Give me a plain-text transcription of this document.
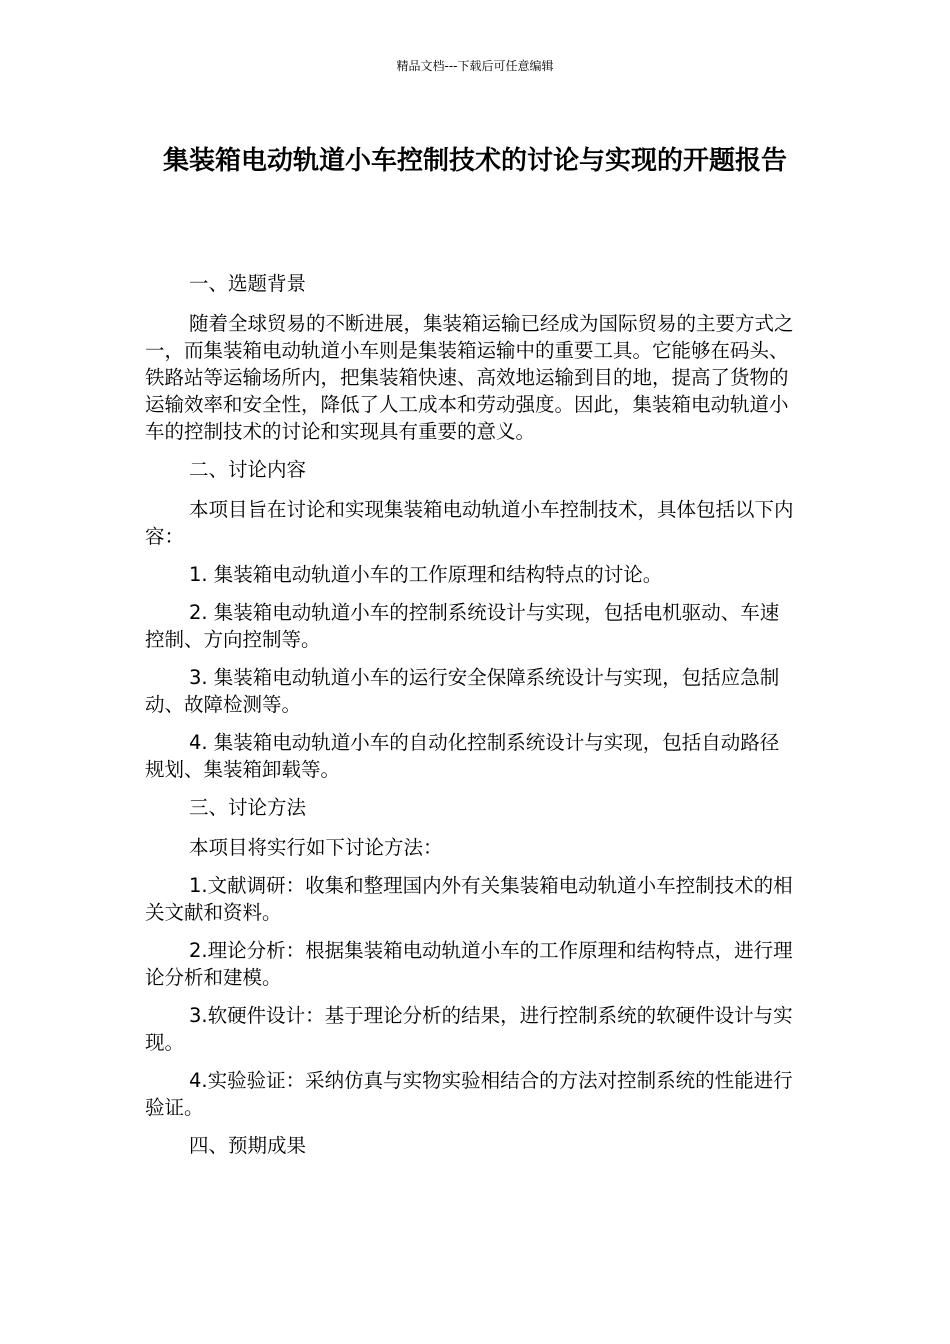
精品文档---下载后可任意编辑
集装箱电动轨道小车控制技术的讨论与实现的开题报告

一、选题背景

随着全球贸易的不断进展，集装箱运输已经成为国际贸易的主要方式之一，而集装箱电动轨道小车则是集装箱运输中的重要工具。它能够在码头、铁路站等运输场所内，把集装箱快速、高效地运输到目的地，提高了货物的运输效率和安全性，降低了人工成本和劳动强度。因此，集装箱电动轨道小车的控制技术的讨论和实现具有重要的意义。

二、讨论内容

本项目旨在讨论和实现集装箱电动轨道小车控制技术，具体包括以下内容：

1. 集装箱电动轨道小车的工作原理和结构特点的讨论。

2. 集装箱电动轨道小车的控制系统设计与实现，包括电机驱动、车速控制、方向控制等。

3. 集装箱电动轨道小车的运行安全保障系统设计与实现，包括应急制动、故障检测等。

4. 集装箱电动轨道小车的自动化控制系统设计与实现，包括自动路径规划、集装箱卸载等。

三、讨论方法

本项目将实行如下讨论方法：

1.文献调研：收集和整理国内外有关集装箱电动轨道小车控制技术的相关文献和资料。

2.理论分析：根据集装箱电动轨道小车的工作原理和结构特点，进行理论分析和建模。

3.软硬件设计：基于理论分析的结果，进行控制系统的软硬件设计与实现。

4.实验验证：采纳仿真与实物实验相结合的方法对控制系统的性能进行验证。

四、预期成果
